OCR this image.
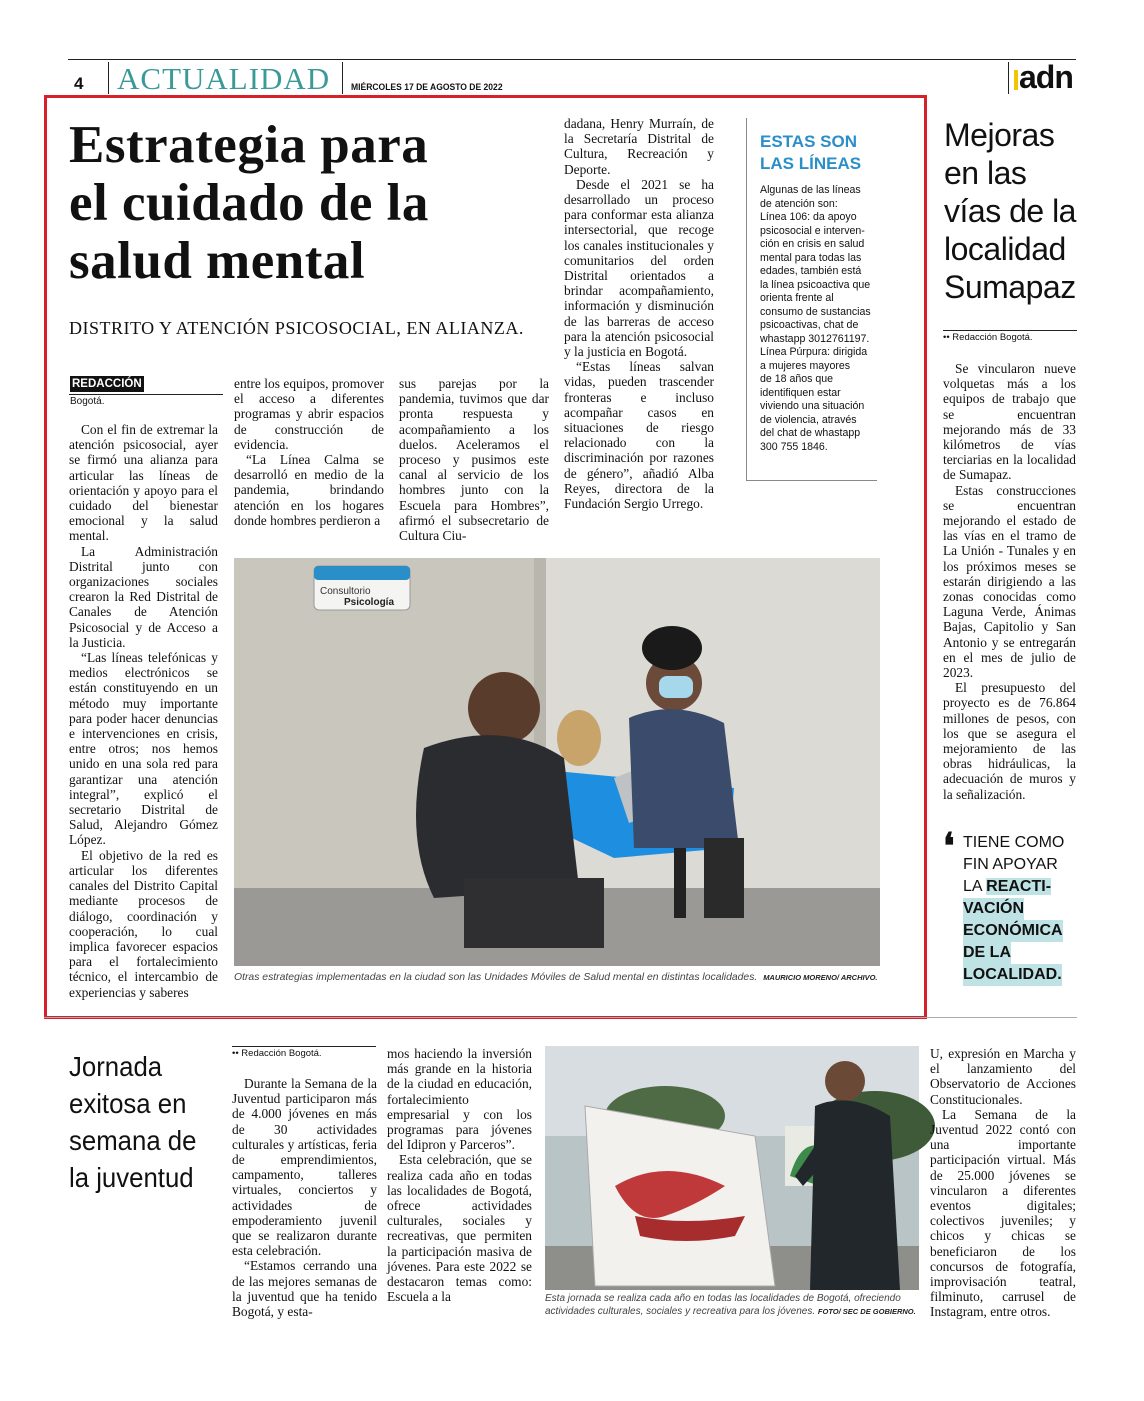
4 ACTUALIDAD MIÉRCOLES 17 DE AGOSTO DE 2022	adn
Estrategia para
el cuidado de la
salud mental
DISTRITO Y ATENCIÓN PSICOSOCIAL, EN ALIANZA.
REDACCIÓN
Bogotá.

Con el fin de extremar la atención psicosocial, ayer se firmó una alianza para articular las líneas de orientación y apoyo para el cuidado del bienestar emocional y la salud mental.

La Administración Distrital junto con organizaciones sociales crearon la Red Distrital de Canales de Atención Psicosocial y de Acceso a la Justicia.

“Las líneas telefónicas y medios electrónicos se están constituyendo en un método muy importante para poder hacer denuncias e intervenciones en crisis, entre otros; nos hemos unido en una sola red para garantizar una atención integral”, explicó el secretario Distrital de Salud, Alejandro Gómez López.

El objetivo de la red es articular los diferentes canales del Distrito Capital mediante procesos de diálogo, coordinación y cooperación, lo cual implica favorecer espacios para el fortalecimiento técnico, el intercambio de experiencias y saberes

entre los equipos, promover el acceso a diferentes programas y abrir espacios de construcción de evidencia.

“La Línea Calma se desarrolló en medio de la pandemia, brindando atención en los hogares donde hombres perdieron a

sus parejas por la pandemia, tuvimos que dar pronta respuesta y acompañamiento a los duelos. Aceleramos el proceso y pusimos este canal al servicio de los hombres junto con la Escuela para Hombres”, afirmó el subsecretario de Cultura Ciu-

dadana, Henry Murraín, de la Secretaría Distrital de Cultura, Recreación y Deporte.

Desde el 2021 se ha desarrollado un proceso para conformar esta alianza intersectorial, que recoge los canales institucionales y comunitarios del orden Distrital orientados a brindar acompañamiento, información y disminución de las barreras de acceso para la atención psicosocial y la justicia en Bogotá.

“Estas líneas salvan vidas, pueden trascender fronteras e incluso acompañar casos en situaciones de riesgo relacionado con la discriminación por razones de género”, añadió Alba Reyes, directora de la Fundación Sergio Urrego.

ESTAS SON
LAS LÍNEAS
Algunas de las líneas
de atención son:
Línea 106: da apoyo
psicosocial e interven-
ción en crisis en salud
mental para todas las
edades, también está
la línea psicoactiva que
orienta frente al
consumo de sustancias
psicoactivas, chat de
whastapp 3012761197.
Línea Púrpura: dirigida
a mujeres mayores
de 18 años que
identifiquen estar
viviendo una situación
de violencia, através
del chat de whastapp
300 755 1846.
Consultorio
Psicología
Otras estrategias implementadas en la ciudad son las Unidades Móviles de Salud mental en distintas localidades. MAURICIO MORENO/ ARCHIVO.
Mejoras
en las
vías de la
localidad
Sumapaz
•• Redacción Bogotá.

Se vincularon nueve volquetas más a los equipos de trabajo que se encuentran mejorando más de 33 kilómetros de vías terciarias en la localidad de Sumapaz.

Estas construcciones se encuentran mejorando el estado de las vías en el tramo de La Unión - Tunales y en los próximos meses se estarán dirigiendo a las zonas conocidas como Laguna Verde, Ánimas Bajas, Capitolio y San Antonio y se entregarán en el mes de julio de 2023.

El presupuesto del proyecto es de 76.864 millones de pesos, con los que se asegura el mejoramiento de las obras hidráulicas, la adecuación de muros y la señalización.

❛ TIENE COMO
FIN APOYAR
LA REACTI-
VACIÓN ECONÓMICA DE LA LOCALIDAD.
Jornada
exitosa en
semana de
la juventud
•• Redacción Bogotá.

Durante la Semana de la Juventud participaron más de 4.000 jóvenes en más de 30 actividades culturales y artísticas, feria de emprendimientos, campamento, talleres virtuales, conciertos y actividades de empoderamiento juvenil que se realizaron durante esta celebración.

“Estamos cerrando una de las mejores semanas de la juventud que ha tenido Bogotá, y esta-

mos haciendo la inversión más grande en la historia de la ciudad en educación, fortalecimiento empresarial y con los programas para jóvenes del Idipron y Parceros”.

Esta celebración, que se realiza cada año en todas las localidades de Bogotá, ofrece actividades culturales, sociales y recreativas, que permiten la participación masiva de jóvenes. Para este 2022 se destacaron temas como: Escuela a la	Esta jornada se realiza cada año en todas las localidades de Bogotá, ofreciendo actividades culturales, sociales y recreativa para los jóvenes. FOTO/ SEC DE GOBIERNO.

U, expresión en Marcha y el lanzamiento del Observatorio de Acciones Constitucionales.

La Semana de la Juventud 2022 contó con una importante participación virtual. Más de 25.000 jóvenes se vincularon a diferentes eventos digitales; colectivos juveniles; y chicos y chicas se beneficiaron de los concursos de fotografía, improvisación teatral, filminuto, carrusel de Instagram, entre otros.
